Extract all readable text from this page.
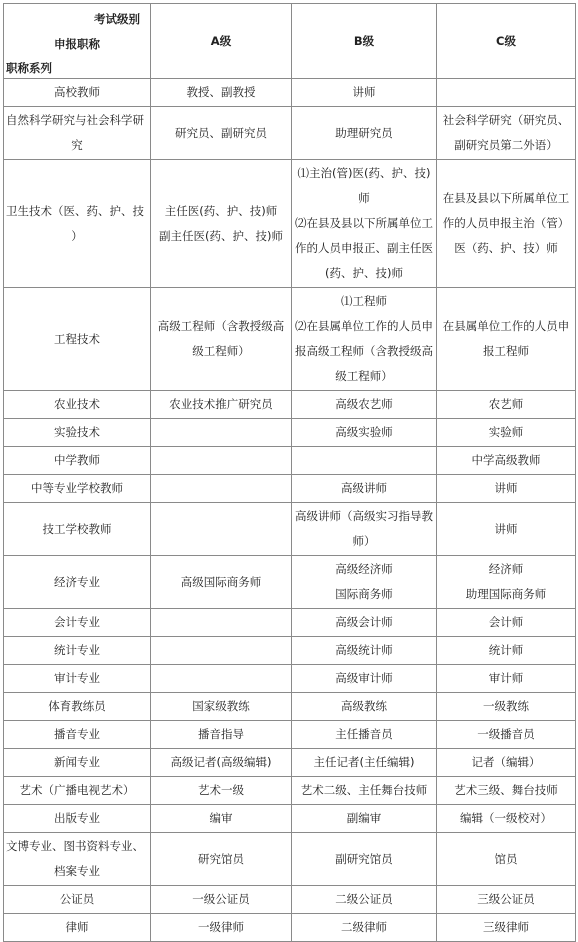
考试级别
申报职称
职称系列	A级	B级	C级

高校教师	教授、副教授	讲师	

自然科学研究与社会科学研
究	研究员、副研究员	助理研究员	社会科学研究（研究员、
副研究员第二外语）

卫生技术（医、药、护、技
）	主任医(药、护、技)师
副主任医(药、护、技)师	⑴主治(管)医(药、护、技)
师
⑵在县及县以下所属单位工
作的人员申报正、副主任医
(药、护、技)师	在县及县以下所属单位工
作的人员申报主治（管）
医（药、护、技）师

工程技术	高级工程师（含教授级高
级工程师）	⑴工程师
⑵在县属单位工作的人员申
报高级工程师（含教授级高
级工程师）	在县属单位工作的人员申
报工程师

农业技术	农业技术推广研究员	高级农艺师	农艺师

实验技术		高级实验师	实验师

中学教师			中学高级教师

中等专业学校教师		高级讲师	讲师

技工学校教师		高级讲师（高级实习指导教
师）	讲师

经济专业	高级国际商务师	高级经济师
国际商务师	经济师
助理国际商务师

会计专业		高级会计师	会计师

统计专业		高级统计师	统计师

审计专业		高级审计师	审计师

体育教练员	国家级教练	高级教练	一级教练

播音专业	播音指导	主任播音员	一级播音员

新闻专业	高级记者(高级编辑)	主任记者(主任编辑)	记者（编辑）

艺术（广播电视艺术）	艺术一级	艺术二级、主任舞台技师	艺术三级、舞台技师

出版专业	编审	副编审	编辑（一级校对）

文博专业、图书资料专业、
档案专业	研究馆员	副研究馆员	馆员

公证员	一级公证员	二级公证员	三级公证员

律师	一级律师	二级律师	三级律师
